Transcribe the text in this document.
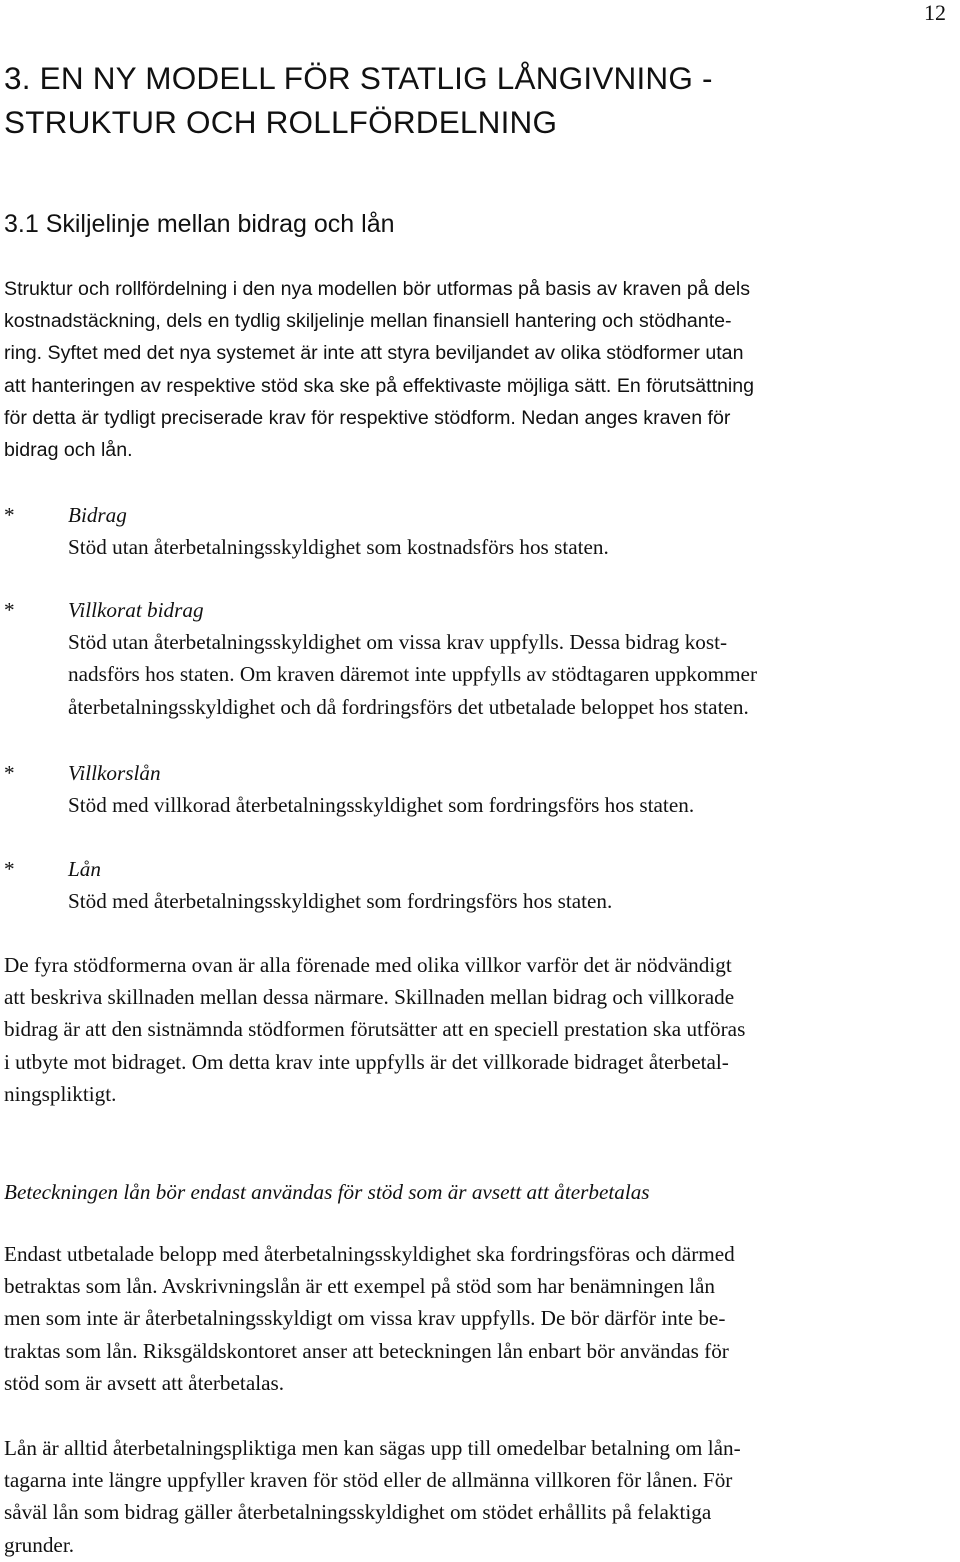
12
3. EN NY MODELL FÖR STATLIG LÅNGIVNING -
STRUKTUR OCH ROLLFÖRDELNING
3.1 Skiljelinje mellan bidrag och lån

Struktur och rollfördelning i den nya modellen bör utformas på basis av kraven på dels
kostnadstäckning, dels en tydlig skiljelinje mellan finansiell hantering och stödhante-
ring. Syftet med det nya systemet är inte att styra beviljandet av olika stödformer utan
att hanteringen av respektive stöd ska ske på effektivaste möjliga sätt. En förutsättning
för detta är tydligt preciserade krav för respektive stödform. Nedan anges kraven för
bidrag och lån.

*	Bidrag
Stöd utan återbetalningsskyldighet som kostnadsförs hos staten.
*	Villkorat bidrag
Stöd utan återbetalningsskyldighet om vissa krav uppfylls. Dessa bidrag kost-
nadsförs hos staten. Om kraven däremot inte uppfylls av stödtagaren uppkommer
återbetalningsskyldighet och då fordringsförs det utbetalade beloppet hos staten.
*	Villkorslån
Stöd med villkorad återbetalningsskyldighet som fordringsförs hos staten.
*	Lån
Stöd med återbetalningsskyldighet som fordringsförs hos staten.

De fyra stödformerna ovan är alla förenade med olika villkor varför det är nödvändigt
att beskriva skillnaden mellan dessa närmare. Skillnaden mellan bidrag och villkorade
bidrag är att den sistnämnda stödformen förutsätter att en speciell prestation ska utföras
i utbyte mot bidraget. Om detta krav inte uppfylls är det villkorade bidraget återbetal-
ningspliktigt.

Beteckningen lån bör endast användas för stöd som är avsett att återbetalas

Endast utbetalade belopp med återbetalningsskyldighet ska fordringsföras och därmed
betraktas som lån. Avskrivningslån är ett exempel på stöd som har benämningen lån
men som inte är återbetalningsskyldigt om vissa krav uppfylls. De bör därför inte be-
traktas som lån. Riksgäldskontoret anser att beteckningen lån enbart bör användas för
stöd som är avsett att återbetalas.

Lån är alltid återbetalningspliktiga men kan sägas upp till omedelbar betalning om lån-
tagarna inte längre uppfyller kraven för stöd eller de allmänna villkoren för lånen. För
såväl lån som bidrag gäller återbetalningsskyldighet om stödet erhållits på felaktiga
grunder.
